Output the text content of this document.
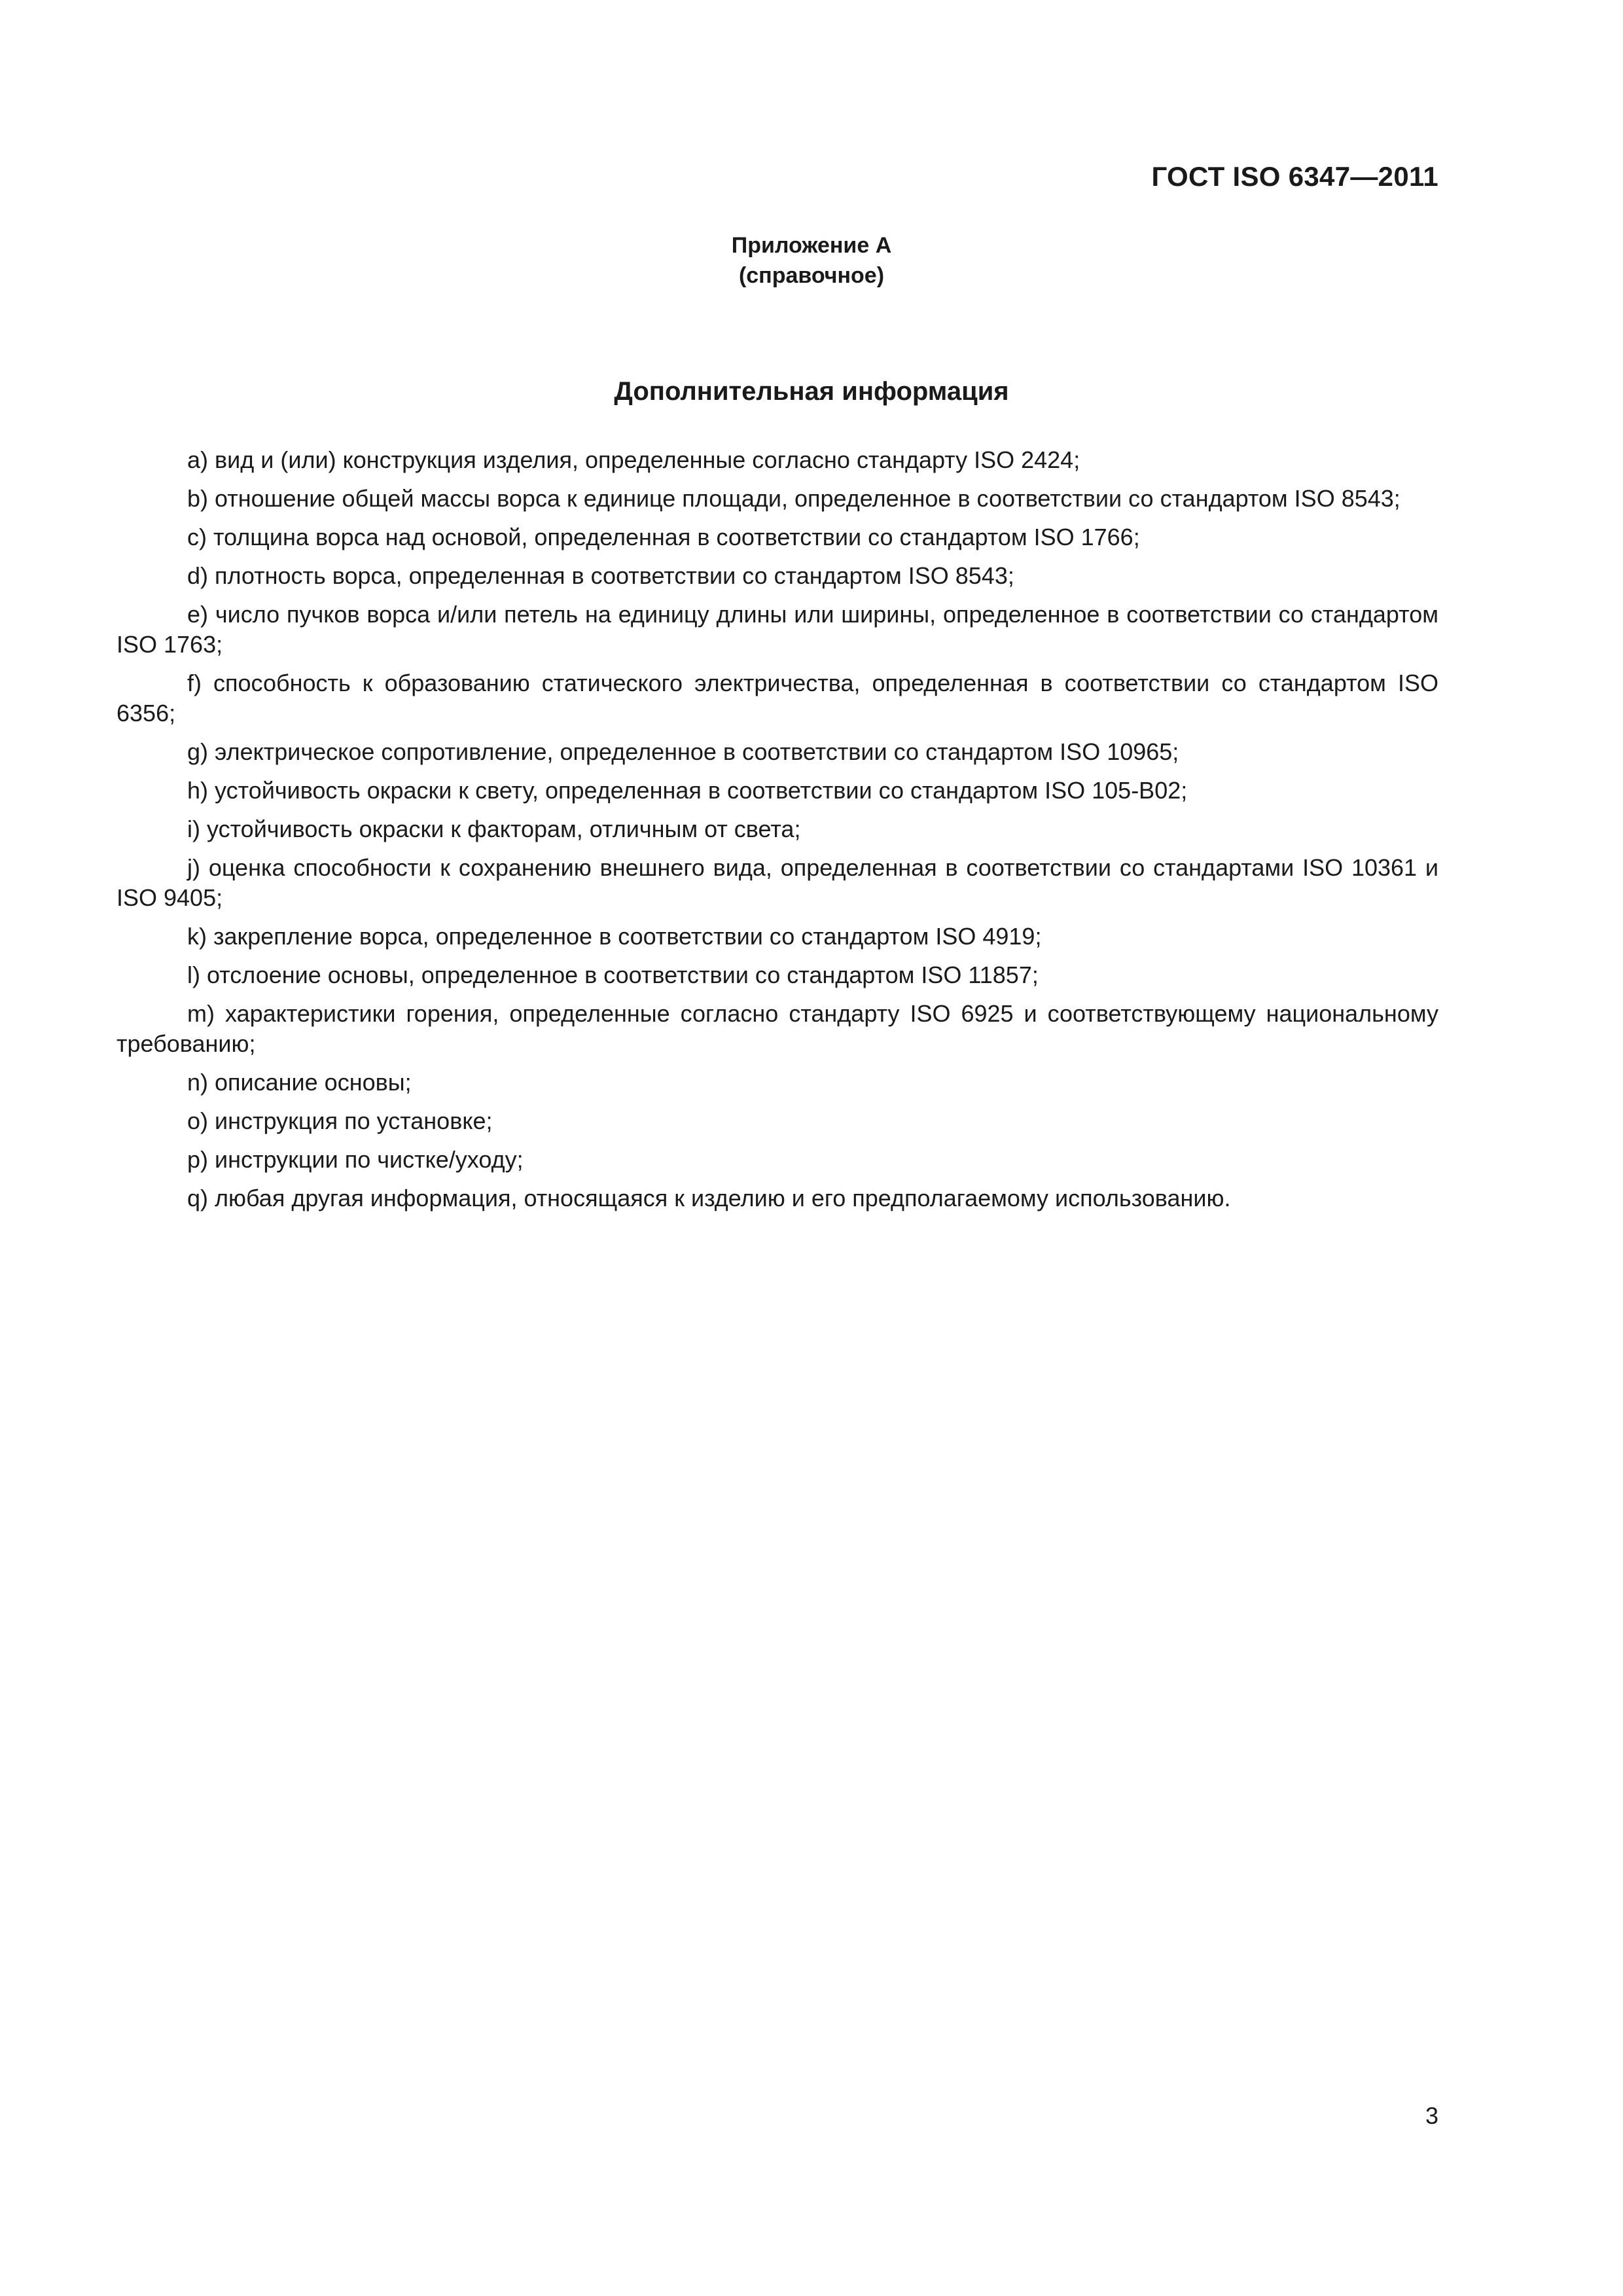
ГОСТ ISO 6347—2011

Приложение А
(справочное)
Дополнительная информация
a) вид и (или) конструкция изделия, определенные согласно стандарту ISO 2424;
b) отношение общей массы ворса к единице площади, определенное в соответствии со стандартом ISO 8543;
c) толщина ворса над основой, определенная в соответствии со стандартом ISO 1766;
d) плотность ворса, определенная в соответствии со стандартом ISO 8543;
e) число пучков ворса и/или петель на единицу длины или ширины, определенное в соответствии со стандартом ISO 1763;
f) способность к образованию статического электричества, определенная в соответствии со стандартом ISO 6356;
g) электрическое сопротивление, определенное в соответствии со стандартом ISO 10965;
h) устойчивость окраски к свету, определенная в соответствии со стандартом ISO 105-B02;
i) устойчивость окраски к факторам, отличным от света;
j) оценка способности к сохранению внешнего вида, определенная в соответствии со стандартами ISO 10361 и ISO 9405;
k) закрепление ворса, определенное в соответствии со стандартом ISO 4919;
l) отслоение основы, определенное в соответствии со стандартом ISO 11857;
m) характеристики горения, определенные согласно стандарту ISO 6925 и соответствующему национальному требованию;
n) описание основы;
o) инструкция по установке;
p) инструкции по чистке/уходу;
q) любая другая информация, относящаяся к изделию и его предполагаемому использованию.

3
